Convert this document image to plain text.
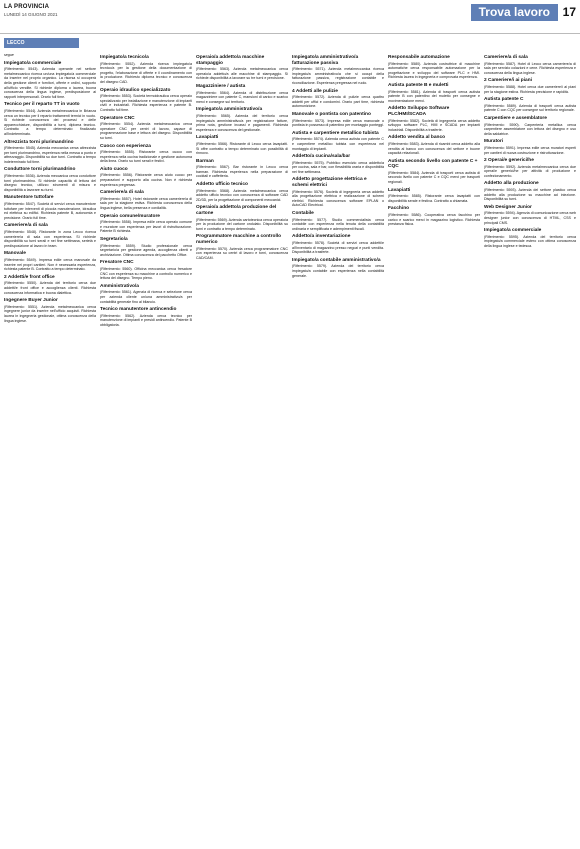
LA PROVINCIA
LUNEDÌ 14 GIUGNO 2021	Trova lavoro	17
LECCO

segue

Impiegato/a commerciale

(Riferimento: 5543). Azienda operante nel settore metalmeccanico ricerca un/una impiegato/a commerciale da inserire nel proprio organico. La risorsa si occuperà della gestione clienti e fornitori, offerte e ordini, supporto all'ufficio vendite. Si richiede diploma o laurea, buona conoscenza della lingua inglese, predisposizione ai rapporti interpersonali. Orario full time.

Tecnico per il reparto TT in vuoto

(Riferimento: 5544). Azienda metalmeccanica in Brianza cerca un tecnico per il reparto trattamenti termici in vuoto. Si richiede conoscenza dei processi e delle apparecchiature, disponibilità a turni, diploma tecnico. Contratto a tempo determinato finalizzato all'indeterminato.

Altrezzista torni plurimandrino

(Riferimento: 5545). Azienda meccanica cerca altrezzista per torni plurimandrino, esperienza nella messa a punto e attrezzaggio. Disponibilità su due turni. Contratto a tempo indeterminato full time.

Conduttore torni plurimandrino

(Riferimento: 5536). Azienda meccanica cerca conduttore torni plurimandrino. Si richiede capacità di lettura del disegno tecnico, utilizzo strumenti di misura e disponibilità a lavorare su turni.

Manutentore tuttofare

(Riferimento: 5547). Società di servizi cerca manutentore tuttofare per interventi di piccola manutenzione, idraulica ed elettrica su edifici. Richiesta patente B, autonomia e precisione. Orario full time.

Cameriere/a di sala

(Riferimento: 5548). Ristorante in zona Lecco ricerca cameriere/a di sala con esperienza. Si richiede disponibilità su turni serali e nei fine settimana, serietà e predisposizione al lavoro in team.

Manovale

(Riferimento: 5549). Impresa edile cerca manovale da inserire nei propri cantieri. Non è necessaria esperienza, richiesta patente B. Contratto a tempo determinato.

2 Addetti/e front office

(Riferimento: 5550). Azienda del territorio cerca due addetti/e front office e accoglienza clienti. Richiesta conoscenza informatica e buona dialettica.

Ingegnere Buyer Junior

(Riferimento: 5551). Azienda metalmeccanica cerca ingegnere junior da inserire nell'ufficio acquisti. Richiesta laurea in ingegneria gestionale, ottima conoscenza della lingua inglese.

Impiegato/a tecnico/a

(Riferimento: 5552). Azienda ricerca impiegato/a tecnico/a per la gestione della documentazione di progetto, l'elaborazione di offerte e il coordinamento con la produzione. Richiesto diploma tecnico e conoscenza del disegno CAD.

Operaio idraulico specializzato

(Riferimento: 5553). Società termoidraulica cerca operaio specializzato per installazione e manutenzione di impianti civili e industriali. Richiesta esperienza e patente B. Contratto full time.

Operatore CNC

(Riferimento: 5554). Azienda metalmeccanica cerca operatore CNC per centri di lavoro, capace di programmazione base e lettura del disegno. Disponibilità su turni.

Cuoco con esperienza

(Riferimento: 5555). Ristorante cerca cuoco con esperienza nella cucina tradizionale e gestione autonoma della linea. Orario su turni serali e festivi.

Aiuto cuoco

(Riferimento: 5556). Ristorante cerca aiuto cuoco per preparazioni e supporto alla cucina. Non è richiesta esperienza pregressa.

Cameriere/a di sala

(Riferimento: 5557). Hotel ristorante cerca cameriere/a di sala per la stagione estiva. Richiesta conoscenza della lingua inglese, bella presenza e cordialità.

Operaio comune/muratore

(Riferimento: 5558). Impresa edile cerca operaio comune e muratore con esperienza per lavori di ristrutturazione. Patente B richiesta.

Segretario/a

(Riferimento: 5559). Studio professionale cerca segretario/a per gestione agenda, accoglienza clienti e archiviazione. Ottima conoscenza del pacchetto Office.

Fresatore CNC

(Riferimento: 5560). Officina meccanica cerca fresatore CNC con esperienza su macchine a controllo numerico e lettura del disegno. Tempo pieno.

Amministrativo/a

(Riferimento: 5561). Agenzia di ricerca e selezione cerca per azienda cliente un/una amministrativo/a per contabilità generale fino al bilancio.

Tecnico manutentore antincendio

(Riferimento: 5562). Azienda cerca tecnico per manutenzione di impianti e presidi antincendio. Patente B obbligatoria.

Operaio/a addetto/a macchine stampaggio

(Riferimento: 5563). Azienda metalmeccanica cerca operaio/a addetto/a alle macchine di stampaggio. Si richiede disponibilità a lavorare su tre turni e precisione.

Magazziniere / autista

(Riferimento: 5564). Azienda di distribuzione cerca magazziniere con patente C, mansioni di carico e scarico merci e consegne sul territorio.

Impiegato/a amministrativo/a

(Riferimento: 5565). Azienda del territorio cerca impiegato/a amministrativo/a per registrazione fatture, prima nota, gestione incassi e pagamenti. Richiesta esperienza e conoscenza del gestionale.

Lavapiatti

(Riferimento: 5566). Ristorante di Lecco cerca lavapiatti. Si offre contratto a tempo determinato con possibilità di rinnovo.

Barman

(Riferimento: 5567). Bar ristorante in Lecco cerca barman. Richiesta esperienza nella preparazione di cocktail e caffetteria.

Addetto ufficio tecnico

(Riferimento: 5568). Azienda metalmeccanica cerca addetto ufficio tecnico con conoscenza di software CAD 2D/3D, per la progettazione di componenti meccanici.

Operaio/a addetto/a produzione del cartone

(Riferimento: 5569). Azienda cartotecnica cerca operaio/a per la produzione del cartone ondulato. Disponibilità su turni e contratto a tempo determinato.

Programmatore macchine a controllo numerico

(Riferimento: 5570). Azienda cerca programmatore CNC con esperienza su centri di lavoro e torni, conoscenza CAD/CAM.

Impiegato/a amministrativo/a fatturazione passiva

(Riferimento: 5571). Azienda metalmeccanica ricerca impiegato/a amministrativo/a che si occupi della fatturazione passiva, registrazione contabile e riconciliazione. Esperienza pregressa nel ruolo.

4 Addetti alle pulizie

(Riferimento: 5572). Azienda di pulizie cerca quattro addetti per uffici e condomini. Orario part time, richiesta automunizione.

Manovale o pontista con patentino

(Riferimento: 5573). Impresa edile cerca manovale o pontista in possesso di patentino per montaggio ponteggi.

Autista e carpentiere metallico tubista

(Riferimento: 5574). Azienda cerca autista con patente C e carpentiere metallico tubista con esperienza nel montaggio di impianti.

Addetto/a cucina/sala/bar

(Riferimento: 5575). Pubblico esercizio cerca addetto/a per cucina, sala e bar, con flessibilità oraria e disponibilità nei fine settimana.

Addetto progettazione elettrica e schemi elettrici

(Riferimento: 5576). Società di ingegneria cerca addetto alla progettazione elettrica e realizzazione di schemi elettrici. Richiesta conoscenza software EPLAN o AutoCAD Electrical.

Contabile

(Riferimento: 5577). Studio commercialista cerca contabile con esperienza nella tenuta della contabilità ordinaria e semplificata e adempimenti fiscali.

Addetto/a inventariazione

(Riferimento: 5578). Società di servizi cerca addetti/e all'inventario di magazzino presso negozi e punti vendita. Disponibilità a trasferte.

Impiegato/a contabile amministrativo/a

(Riferimento: 5579). Azienda del territorio cerca impiegato/a contabile con esperienza nella contabilità generale.

Responsabile automazione

(Riferimento: 5580). Azienda costruttrice di macchine automatiche cerca responsabile automazione per la progettazione e sviluppo del software PLC e HMI. Richiesta laurea in ingegneria e comprovata esperienza.

Autista patente B e muletti

(Riferimento: 5581). Azienda di trasporti cerca autista patente B con patentino del muletto per consegne e movimentazione merci.

Addetto Sviluppo Software PLC/HMI/SCADA

(Riferimento: 5582). Società di ingegneria cerca addetto sviluppo software PLC, HMI e SCADA per impianti industriali. Disponibilità a trasferte.

Addetto vendita al banco

(Riferimento: 5583). Azienda di ricambi cerca addetto alla vendita al banco con conoscenza del settore e buone capacità relazionali.

Autista secondo livello con patente C + CQC

(Riferimento: 5584). Azienda di trasporti cerca autista di secondo livello con patente C e CQC merci per trasporti regionali.

Lavapiatti

(Riferimento: 5585). Ristorante cerca lavapiatti con disponibilità serale e festiva. Contratto a chiamata.

Facchino

(Riferimento: 5586). Cooperativa cerca facchino per carico e scarico merci in magazzino logistico. Richiesta prestanza fisica.

Cameriere/a di sala

(Riferimento: 5587). Hotel di Lecco cerca cameriere/a di sala per servizio colazioni e cene. Richiesta esperienza e conoscenza della lingua inglese.

2 Cameriere/i ai piani

(Riferimento: 5588). Hotel cerca due cameriere/i ai piani per la stagione estiva. Richiesta precisione e rapidità.

Autista patente C

(Riferimento: 5589). Azienda di trasporti cerca autista patente C con CQC per consegne sul territorio regionale.

Carpentiere e assemblatore

(Riferimento: 5590). Carpenteria metallica cerca carpentiere assemblatore con lettura del disegno e uso della saldatrice.

Muratori

(Riferimento: 5591). Impresa edile cerca muratori esperti per cantieri di nuova costruzione e ristrutturazione.

2 Operai/e generici/he

(Riferimento: 5592). Azienda metalmeccanica cerca due operai/e generici/he per attività di produzione e confezionamento.

Addetto alla produzione

(Riferimento: 5593). Azienda del settore plastico cerca addetto alla produzione su macchine ad iniezione. Disponibilità su turni.

Web Designer Junior

(Riferimento: 5594). Agenzia di comunicazione cerca web designer junior con conoscenza di HTML, CSS e principali CMS.

Impiegato/a commerciale

(Riferimento: 5595). Azienda del territorio cerca impiegato/a commerciale estero con ottima conoscenza della lingua inglese e tedesca.
